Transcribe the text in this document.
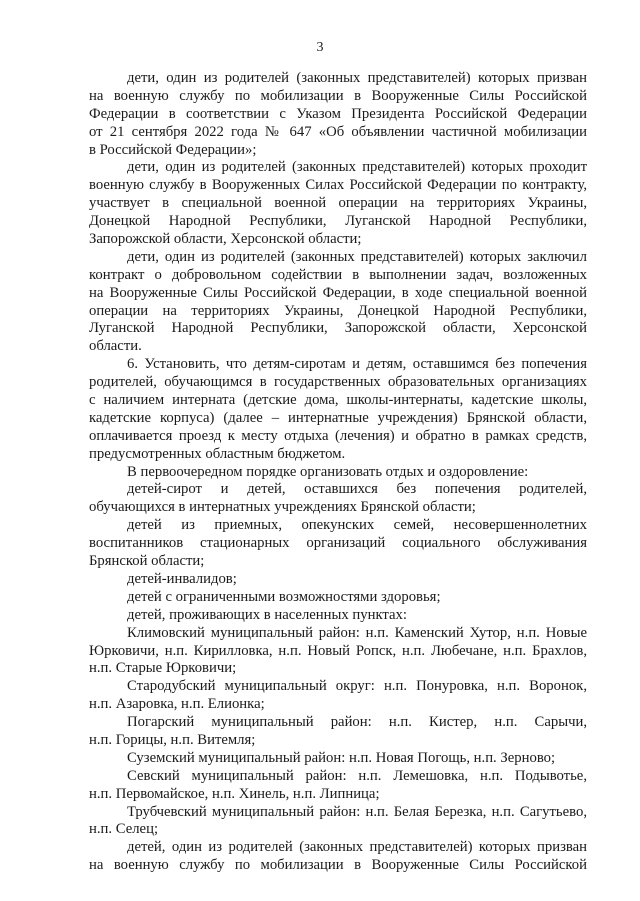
3
дети, один из родителей (законных представителей) которых призван
на военную службу по мобилизации в Вооруженные Силы Российской
Федерации в соответствии с Указом Президента Российской Федерации
от 21 сентября 2022 года № 647 «Об объявлении частичной мобилизации
в Российской Федерации»;
дети, один из родителей (законных представителей) которых проходит
военную службу в Вооруженных Силах Российской Федерации по контракту,
участвует в специальной военной операции на территориях Украины,
Донецкой Народной Республики, Луганской Народной Республики,
Запорожской области, Херсонской области;
дети, один из родителей (законных представителей) которых заключил
контракт о добровольном содействии в выполнении задач, возложенных
на Вооруженные Силы Российской Федерации, в ходе специальной военной
операции на территориях Украины, Донецкой Народной Республики,
Луганской Народной Республики, Запорожской области, Херсонской
области.
6. Установить, что детям-сиротам и детям, оставшимся без попечения
родителей, обучающимся в государственных образовательных организациях
с наличием интерната (детские дома, школы-интернаты, кадетские школы,
кадетские корпуса) (далее – интернатные учреждения) Брянской области,
оплачивается проезд к месту отдыха (лечения) и обратно в рамках средств,
предусмотренных областным бюджетом.
В первоочередном порядке организовать отдых и оздоровление:
детей-сирот и детей, оставшихся без попечения родителей,
обучающихся в интернатных учреждениях Брянской области;
детей из приемных, опекунских семей, несовершеннолетних
воспитанников стационарных организаций социального обслуживания
Брянской области;
детей-инвалидов;
детей с ограниченными возможностями здоровья;
детей, проживающих в населенных пунктах:
Климовский муниципальный район: н.п. Каменский Хутор, н.п. Новые
Юрковичи, н.п. Кирилловка, н.п. Новый Ропск, н.п. Любечане, н.п. Брахлов,
н.п. Старые Юрковичи;
Стародубский муниципальный округ: н.п. Понуровка, н.п. Воронок,
н.п. Азаровка, н.п. Елионка;
Погарский муниципальный район: н.п. Кистер, н.п. Сарычи,
н.п. Горицы, н.п. Витемля;
Суземский муниципальный район: н.п. Новая Погощь, н.п. Зерново;
Севский муниципальный район: н.п. Лемешовка, н.п. Подывотье,
н.п. Первомайское, н.п. Хинель, н.п. Липница;
Трубчевский муниципальный район: н.п. Белая Березка, н.п. Сагутьево,
н.п. Селец;
детей, один из родителей (законных представителей) которых призван
на военную службу по мобилизации в Вооруженные Силы Российской
